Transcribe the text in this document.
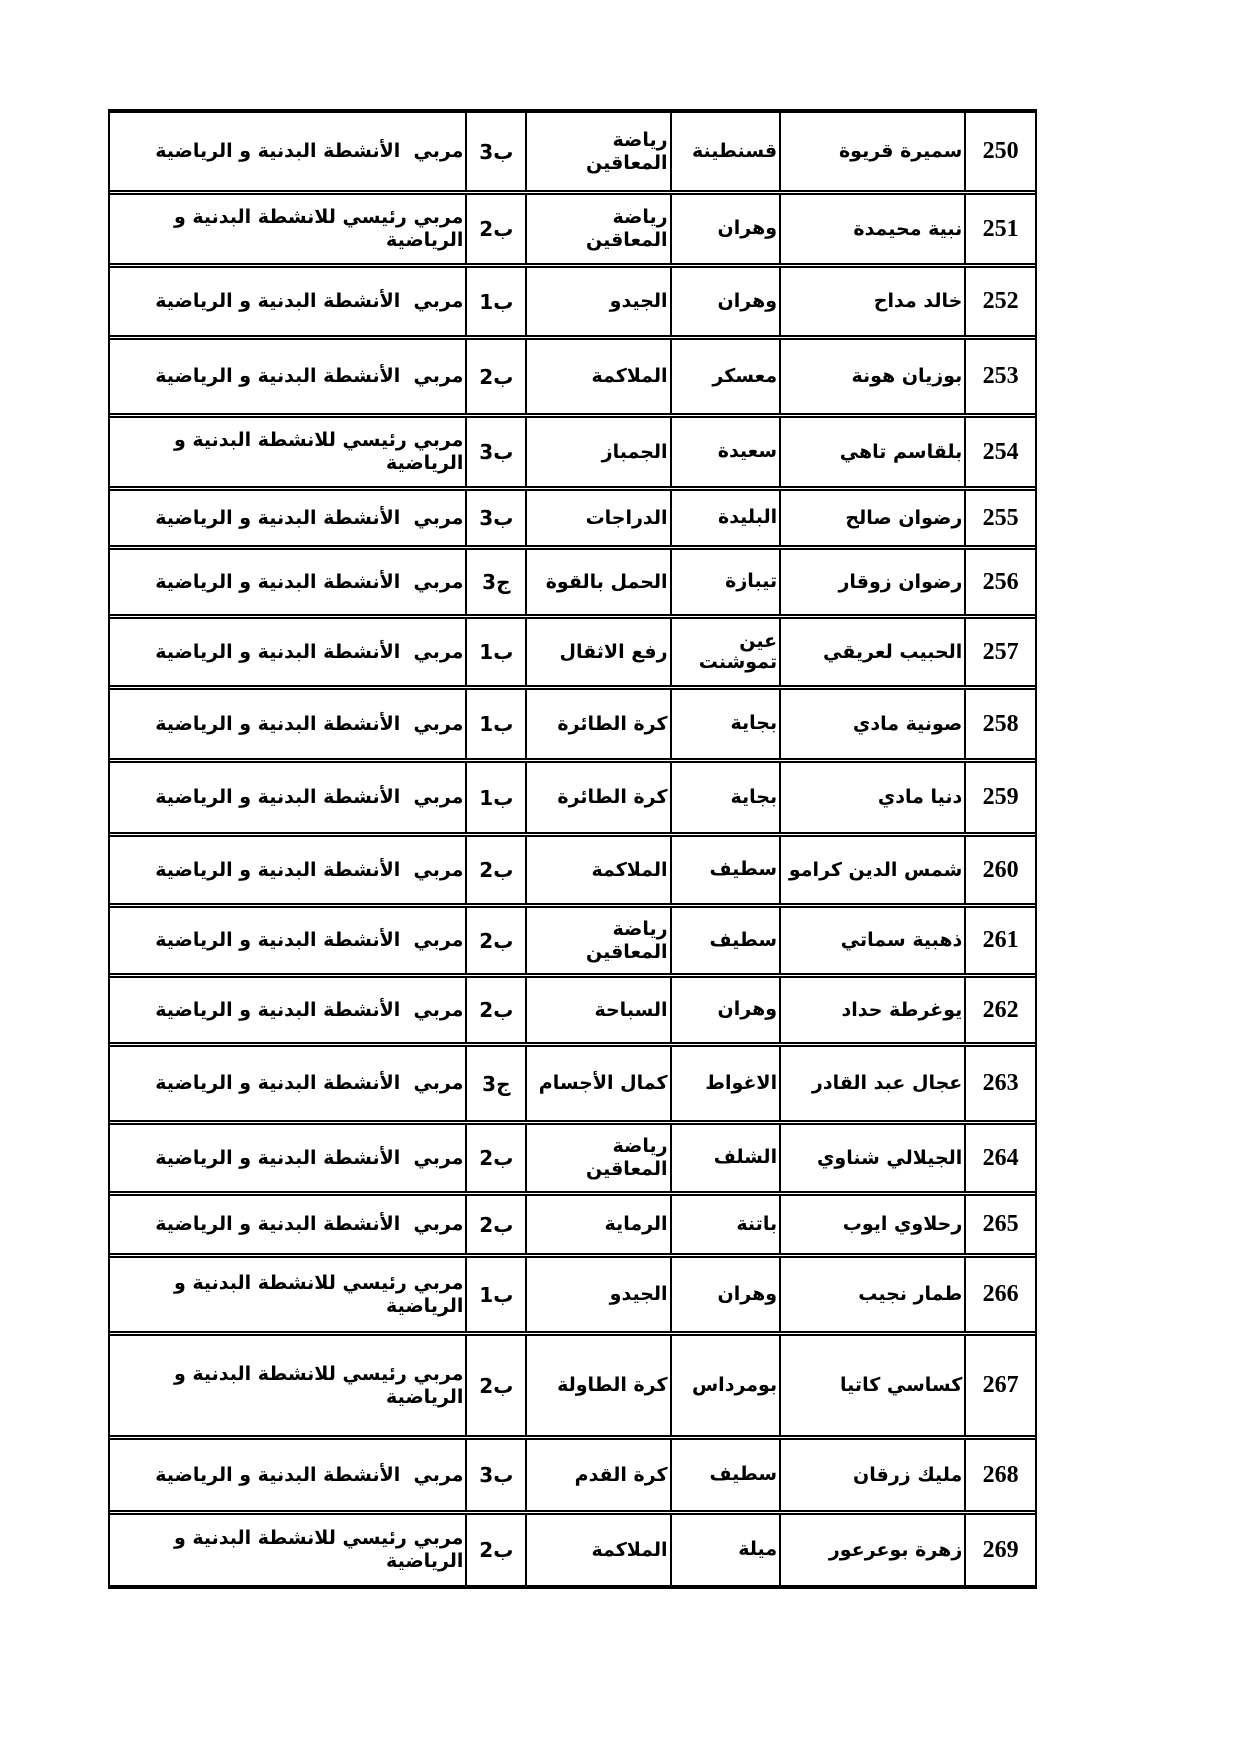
250
سميرة قريوة
قسنطينة
رياضة المعاقين
ب3
مربي  الأنشطة البدنية و الرياضية
251
نبية محيمدة
وهران
رياضة المعاقين
ب2
مربي رئيسي للانشطة البدنية و الرياضية
252
خالد مداح
وهران
الجيدو
ب1
مربي  الأنشطة البدنية و الرياضية
253
بوزيان هونة
معسكر
الملاكمة
ب2
مربي  الأنشطة البدنية و الرياضية
254
بلقاسم تاهي
سعيدة
الجمباز
ب3
مربي رئيسي للانشطة البدنية و الرياضية
255
رضوان صالح
البليدة
الدراجات
ب3
مربي  الأنشطة البدنية و الرياضية
256
رضوان زوقار
تيبازة
الحمل بالقوة
ج3
مربي  الأنشطة البدنية و الرياضية
257
الحبيب لعريقي
عين تموشنت
رفع الاثقال
ب1
مربي  الأنشطة البدنية و الرياضية
258
صونية مادي
بجاية
كرة الطائرة
ب1
مربي  الأنشطة البدنية و الرياضية
259
دنيا مادي
بجاية
كرة الطائرة
ب1
مربي  الأنشطة البدنية و الرياضية
260
شمس الدين كرامو
سطيف
الملاكمة
ب2
مربي  الأنشطة البدنية و الرياضية
261
ذهبية سماتي
سطيف
رياضة المعاقين
ب2
مربي  الأنشطة البدنية و الرياضية
262
يوغرطة حداد
وهران
السباحة
ب2
مربي  الأنشطة البدنية و الرياضية
263
عجال عبد القادر
الاغواط
كمال الأجسام
ج3
مربي  الأنشطة البدنية و الرياضية
264
الجيلالي شناوي
الشلف
رياضة المعاقين
ب2
مربي  الأنشطة البدنية و الرياضية
265
رحلاوي ايوب
باتنة
الرماية
ب2
مربي  الأنشطة البدنية و الرياضية
266
طمار نجيب
وهران
الجيدو
ب1
مربي رئيسي للانشطة البدنية و الرياضية
267
كساسي كاتيا
بومرداس
كرة الطاولة
ب2
مربي رئيسي للانشطة البدنية و الرياضية
268
مليك زرقان
سطيف
كرة القدم
ب3
مربي  الأنشطة البدنية و الرياضية
269
زهرة بوعرعور
ميلة
الملاكمة
ب2
مربي رئيسي للانشطة البدنية و الرياضية
